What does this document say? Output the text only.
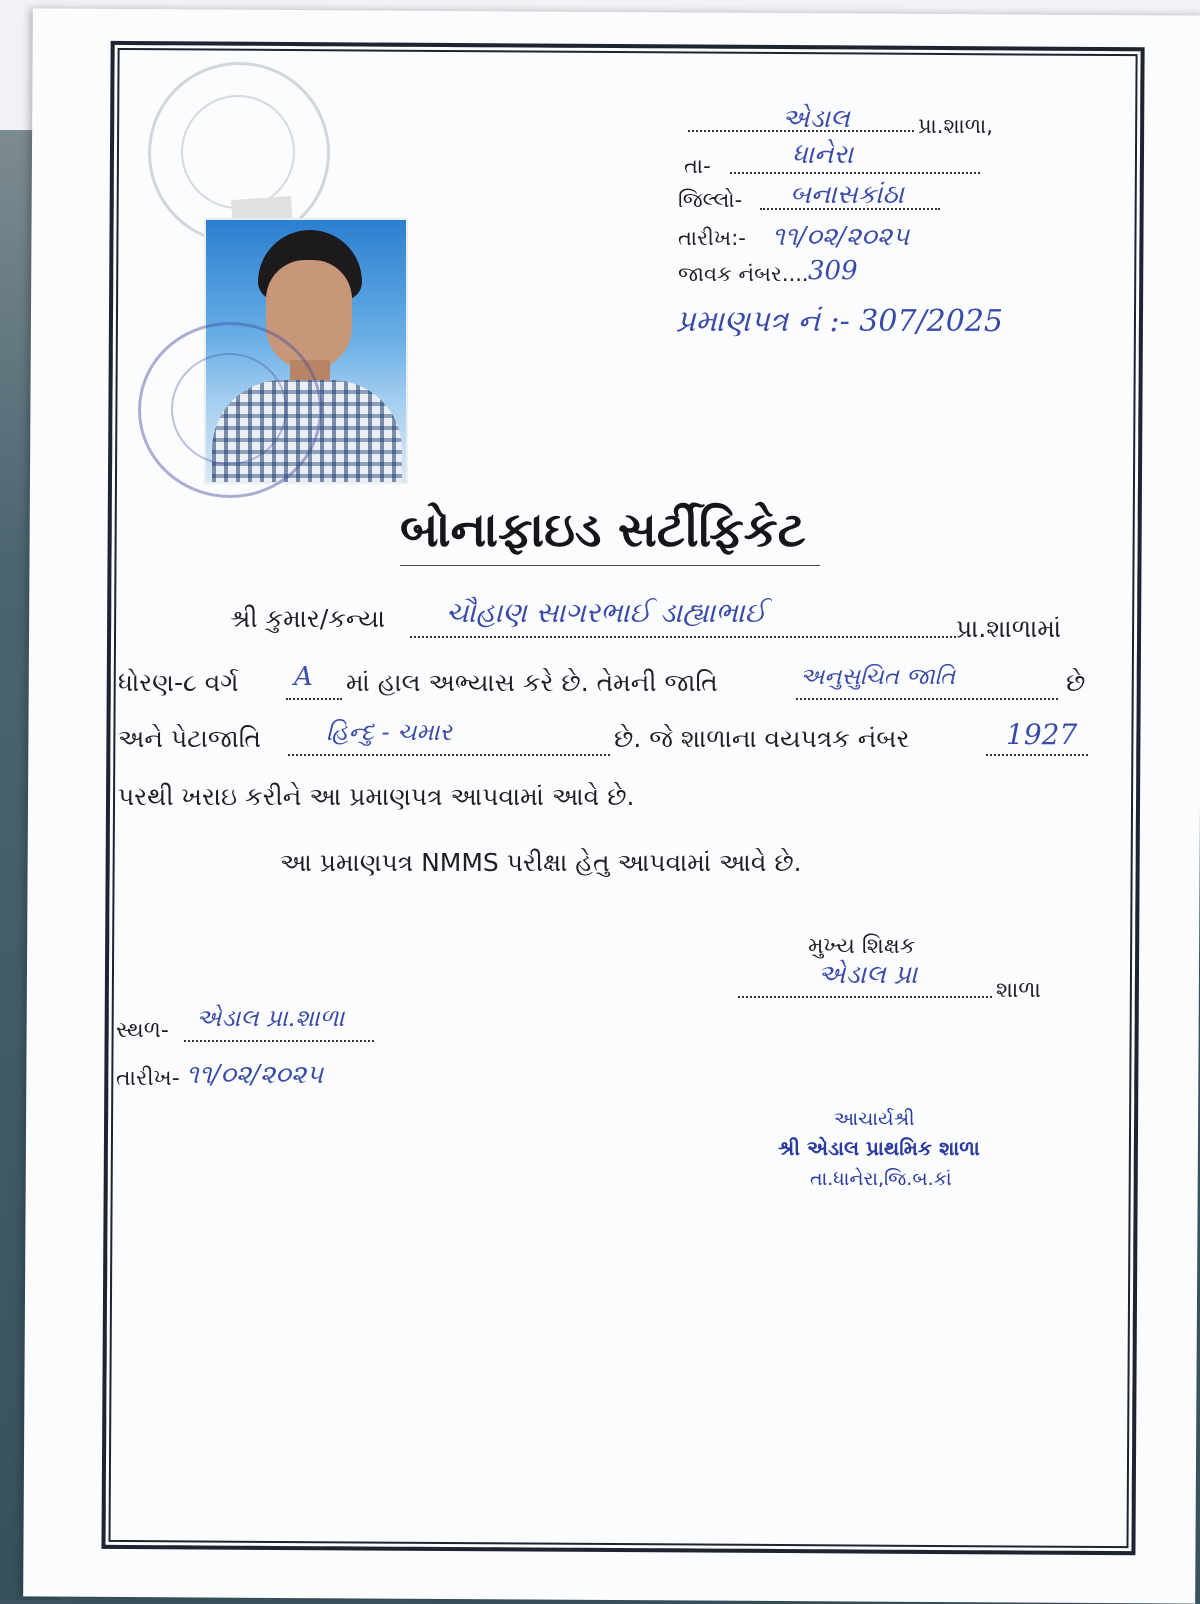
એડાલ	પ્રા.શાળા,
તા-	ધાનેરા
જિલ્લો- બનાસકાંઠા
તારીખ:- ૧૧/૦૨/૨૦૨૫
જાવક નંબર.... 309
પ્રમાણપત્ર નં :- 307/2025
બોનાફાઇડ સર્ટીફિકેટ
શ્રી કુમાર/કન્યા ચૌહાણ સાગરભાઈ ડાહ્યાભાઈ	પ્રા.શાળામાં
ધોરણ-૮ વર્ગ A માં હાલ અભ્યાસ કરે છે. તેમની જાતિ	અનુસુચિત જાતિ	છે
અને પેટાજાતિ	હિન્દુ - ચમાર	છે. જે શાળાના વયપત્રક નંબર	1927
પરથી ખરાઇ કરીને આ પ્રમાણપત્ર આપવામાં આવે છે.
આ પ્રમાણપત્ર NMMS પરીક્ષા હેતુ આપવામાં આવે છે.
મુખ્ય શિક્ષક
એડાલ પ્રા
શાળા
સ્થળ- એડાલ પ્રા.શાળા
તારીખ- ૧૧/૦૨/૨૦૨૫
આચાર્યશ્રી
શ્રી એડાલ પ્રાથમિક શાળા
તા.ધાનેરા,જિ.બ.કાં
